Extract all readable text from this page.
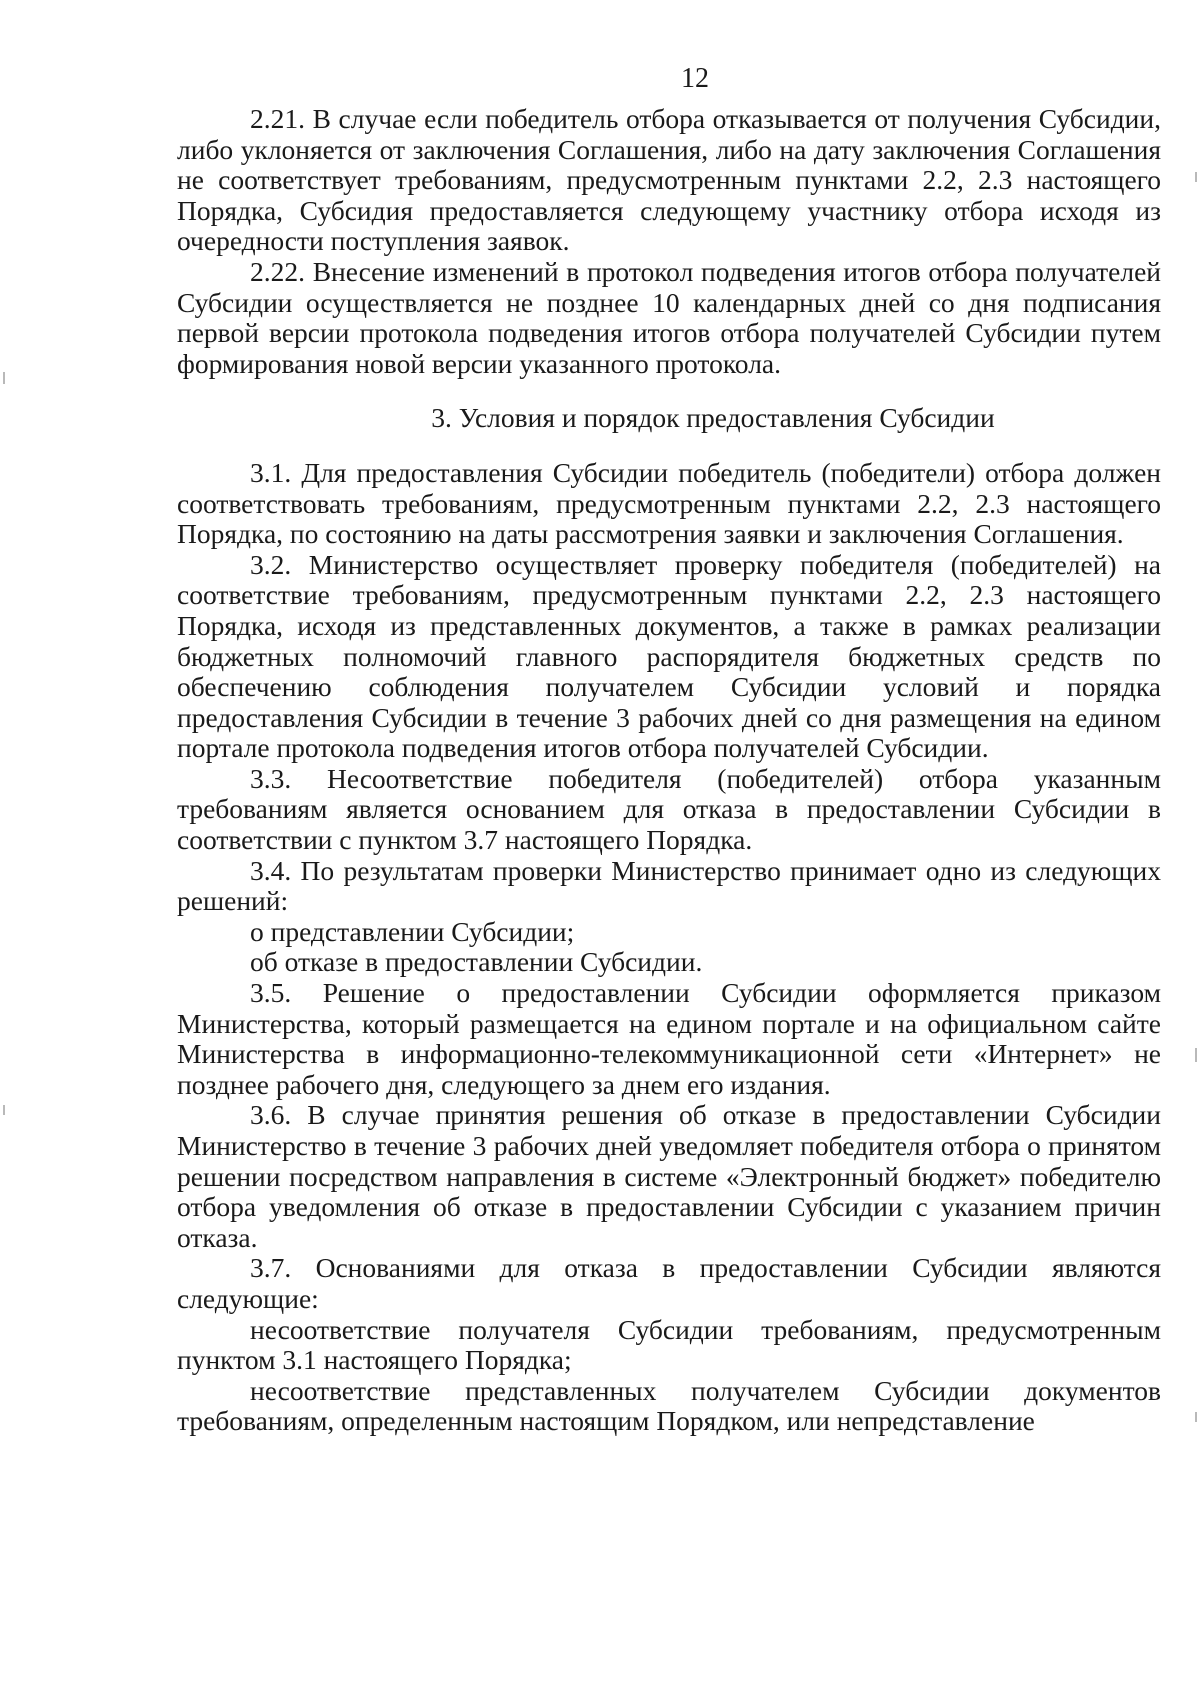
12

2.21. В случае если победитель отбора отказывается от получения Субсидии, либо уклоняется от заключения Соглашения, либо на дату заключения Соглашения не соответствует требованиям, предусмотренным пунктами 2.2, 2.3 настоящего Порядка, Субсидия предоставляется следующему участнику отбора исходя из очередности поступления заявок.

2.22. Внесение изменений в протокол подведения итогов отбора получателей Субсидии осуществляется не позднее 10 календарных дней со дня подписания первой версии протокола подведения итогов отбора получателей Субсидии путем формирования новой версии указанного протокола.

3. Условия и порядок предоставления Субсидии

3.1. Для предоставления Субсидии победитель (победители) отбора должен соответствовать требованиям, предусмотренным пунктами 2.2, 2.3 настоящего Порядка, по состоянию на даты рассмотрения заявки и заключения Соглашения.

3.2. Министерство осуществляет проверку победителя (победителей) на соответствие требованиям, предусмотренным пунктами 2.2, 2.3 настоящего Порядка, исходя из представленных документов, а также в рамках реализации бюджетных полномочий главного распорядителя бюджетных средств по обеспечению соблюдения получателем Субсидии условий и порядка предоставления Субсидии в течение 3 рабочих дней со дня размещения на едином портале протокола подведения итогов отбора получателей Субсидии.

3.3. Несоответствие победителя (победителей) отбора указанным требованиям является основанием для отказа в предоставлении Субсидии в соответствии с пунктом 3.7 настоящего Порядка.

3.4. По результатам проверки Министерство принимает одно из следующих решений:

о представлении Субсидии;

об отказе в предоставлении Субсидии.

3.5. Решение о предоставлении Субсидии оформляется приказом Министерства, который размещается на едином портале и на официальном сайте Министерства в информационно-телекоммуникационной сети «Интернет» не позднее рабочего дня, следующего за днем его издания.

3.6. В случае принятия решения об отказе в предоставлении Субсидии Министерство в течение 3 рабочих дней уведомляет победителя отбора о принятом решении посредством направления в системе «Электронный бюджет» победителю отбора уведомления об отказе в предоставлении Субсидии с указанием причин отказа.

3.7. Основаниями для отказа в предоставлении Субсидии являются следующие:

несоответствие получателя Субсидии требованиям, предусмотренным пунктом 3.1 настоящего Порядка;

несоответствие представленных получателем Субсидии документов требованиям, определенным настоящим Порядком, или непредставление
